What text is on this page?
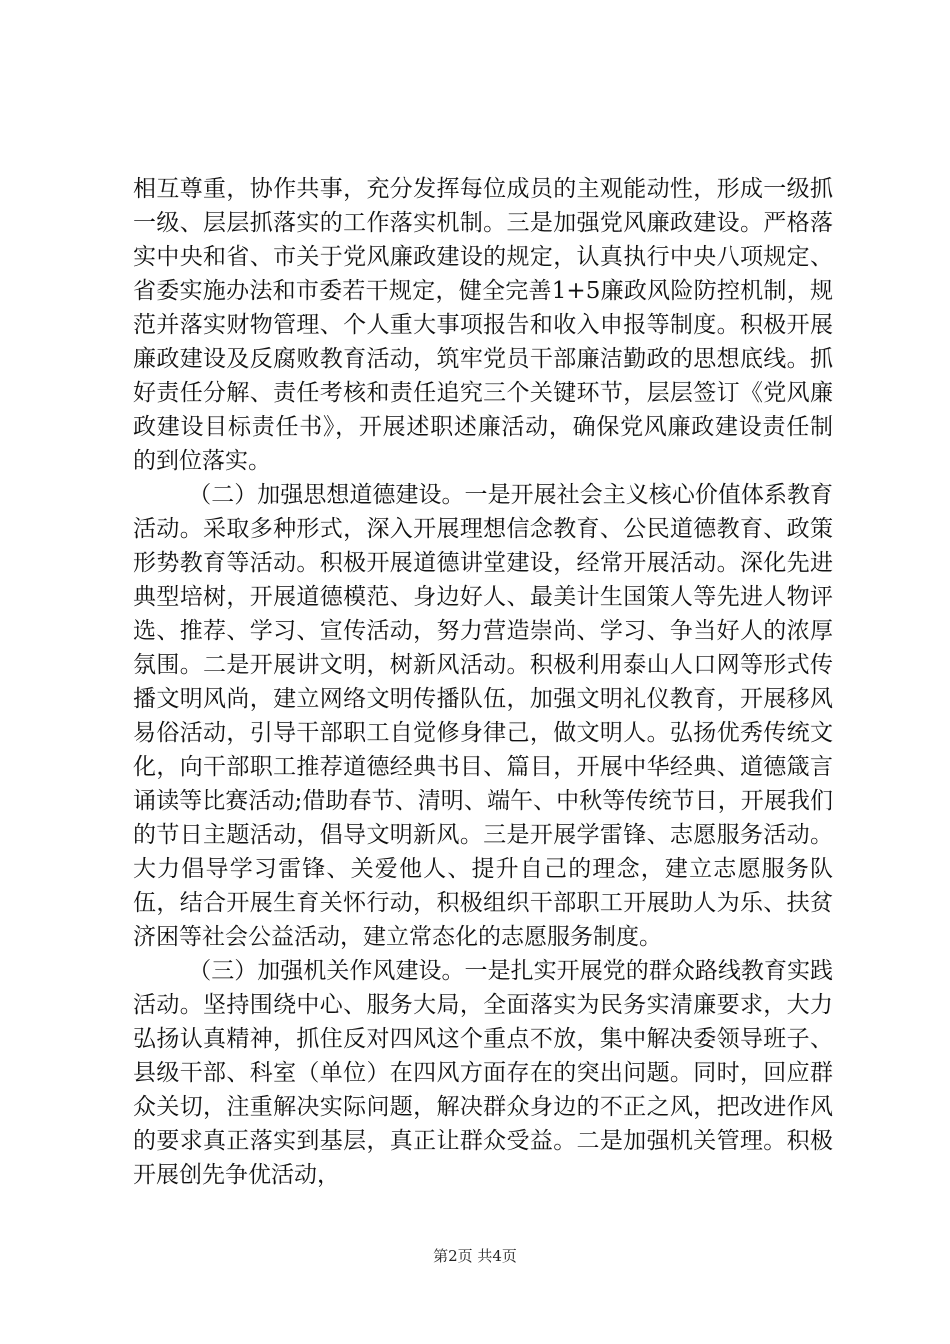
相互尊重，协作共事，充分发挥每位成员的主观能动性，形成一级抓一级、层层抓落实的工作落实机制。三是加强党风廉政建设。严格落实中央和省、市关于党风廉政建设的规定，认真执行中央八项规定、省委实施办法和市委若干规定，健全完善1+5廉政风险防控机制，规范并落实财物管理、个人重大事项报告和收入申报等制度。积极开展廉政建设及反腐败教育活动，筑牢党员干部廉洁勤政的思想底线。抓好责任分解、责任考核和责任追究三个关键环节，层层签订《党风廉政建设目标责任书》，开展述职述廉活动，确保党风廉政建设责任制的到位落实。

（二）加强思想道德建设。一是开展社会主义核心价值体系教育活动。采取多种形式，深入开展理想信念教育、公民道德教育、政策形势教育等活动。积极开展道德讲堂建设，经常开展活动。深化先进典型培树，开展道德模范、身边好人、最美计生国策人等先进人物评选、推荐、学习、宣传活动，努力营造崇尚、学习、争当好人的浓厚氛围。二是开展讲文明，树新风活动。积极利用泰山人口网等形式传播文明风尚，建立网络文明传播队伍，加强文明礼仪教育，开展移风易俗活动，引导干部职工自觉修身律己，做文明人。弘扬优秀传统文化，向干部职工推荐道德经典书目、篇目，开展中华经典、道德箴言诵读等比赛活动;借助春节、清明、端午、中秋等传统节日，开展我们的节日主题活动，倡导文明新风。三是开展学雷锋、志愿服务活动。大力倡导学习雷锋、关爱他人、提升自己的理念，建立志愿服务队伍，结合开展生育关怀行动，积极组织干部职工开展助人为乐、扶贫济困等社会公益活动，建立常态化的志愿服务制度。

（三）加强机关作风建设。一是扎实开展党的群众路线教育实践活动。坚持围绕中心、服务大局，全面落实为民务实清廉要求，大力弘扬认真精神，抓住反对四风这个重点不放，集中解决委领导班子、县级干部、科室（单位）在四风方面存在的突出问题。同时，回应群众关切，注重解决实际问题，解决群众身边的不正之风，把改进作风的要求真正落实到基层，真正让群众受益。二是加强机关管理。积极开展创先争优活动，

第2页 共4页
